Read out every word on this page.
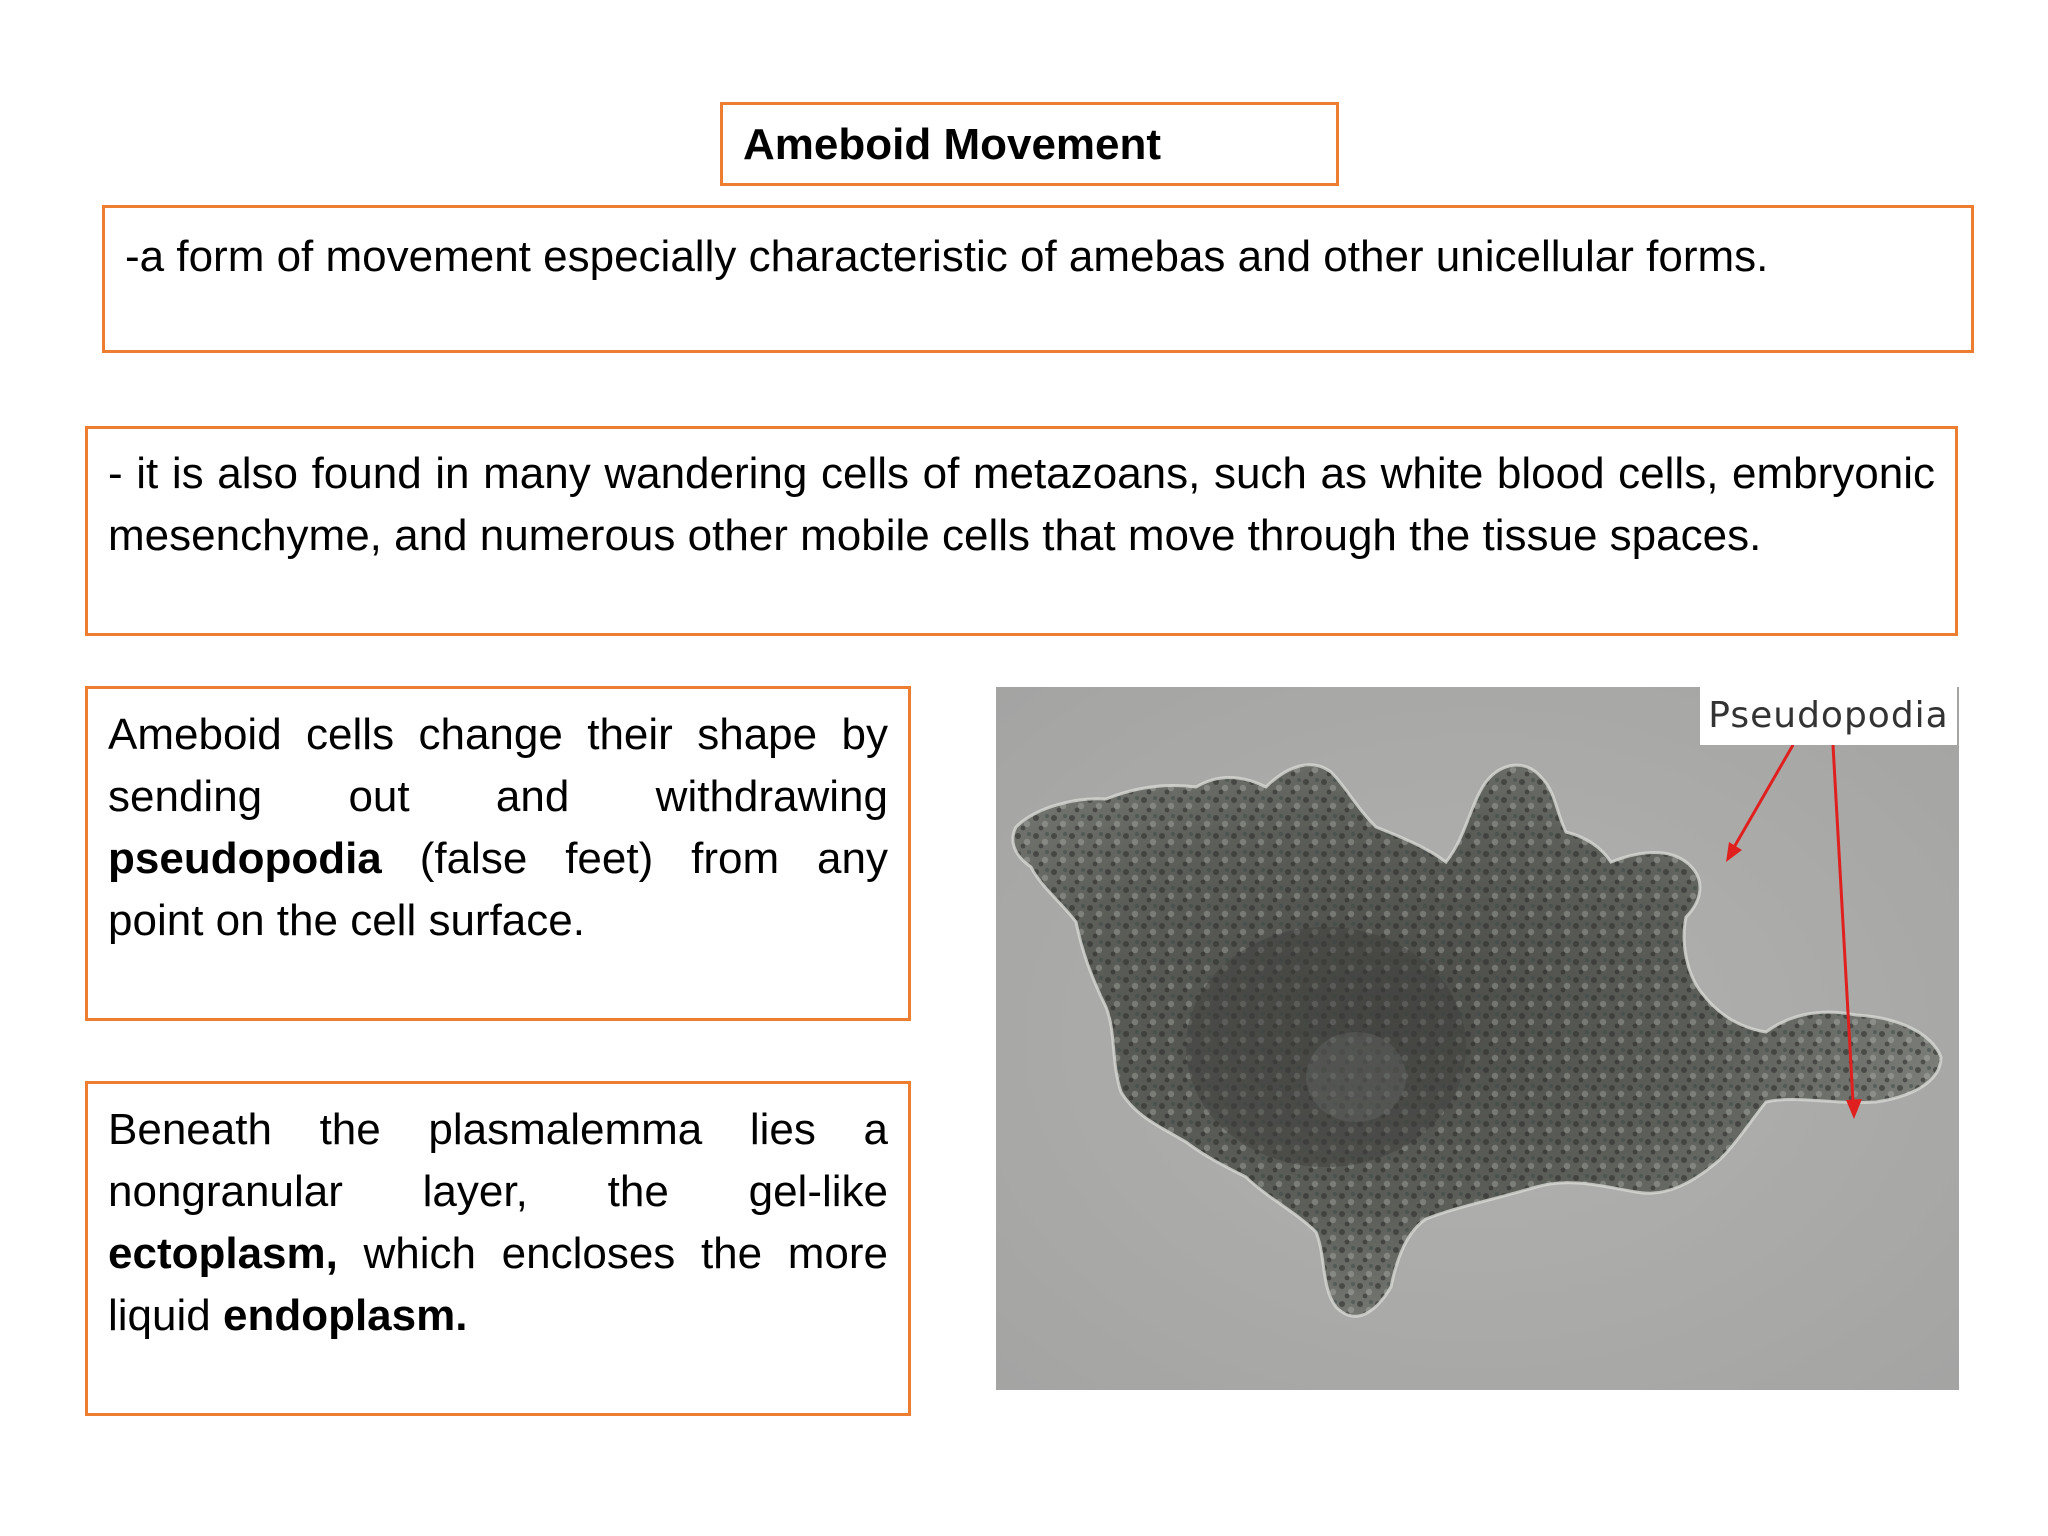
Ameboid Movement
-a form of movement especially characteristic of amebas and other unicellular forms.
- it is also found in many wandering cells of metazoans, such as white blood cells, embryonic mesenchyme, and numerous other mobile cells that move through the tissue spaces.
Ameboid cells change their shape by sending out and withdrawing pseudopodia (false feet) from any point on the cell surface.
Beneath the plasmalemma lies a nongranular layer, the gel-like ectoplasm, which encloses the more liquid endoplasm.
Pseudopodia
